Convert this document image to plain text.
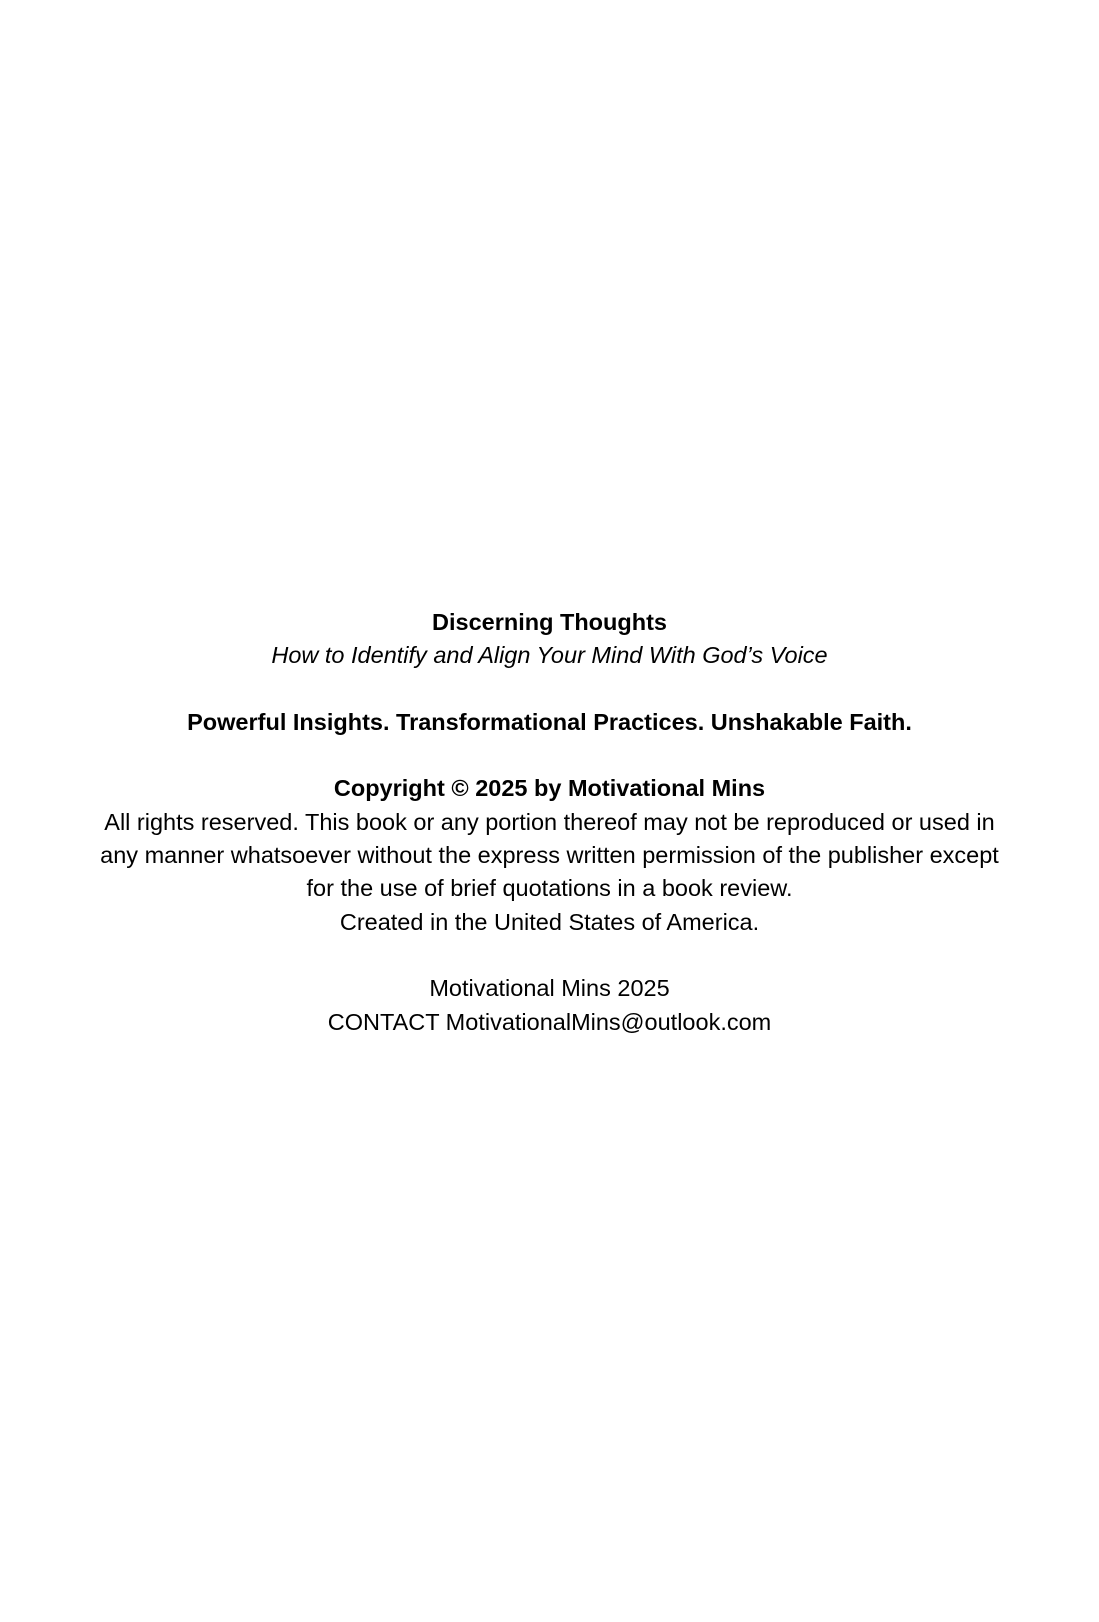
Discerning Thoughts
How to Identify and Align Your Mind With God’s Voice
Powerful Insights. Transformational Practices. Unshakable Faith.
Copyright © 2025 by Motivational Mins
All rights reserved. This book or any portion thereof may not be reproduced or used in
any manner whatsoever without the express written permission of the publisher except
for the use of brief quotations in a book review.
Created in the United States of America.
Motivational Mins 2025
CONTACT MotivationalMins@outlook.com
